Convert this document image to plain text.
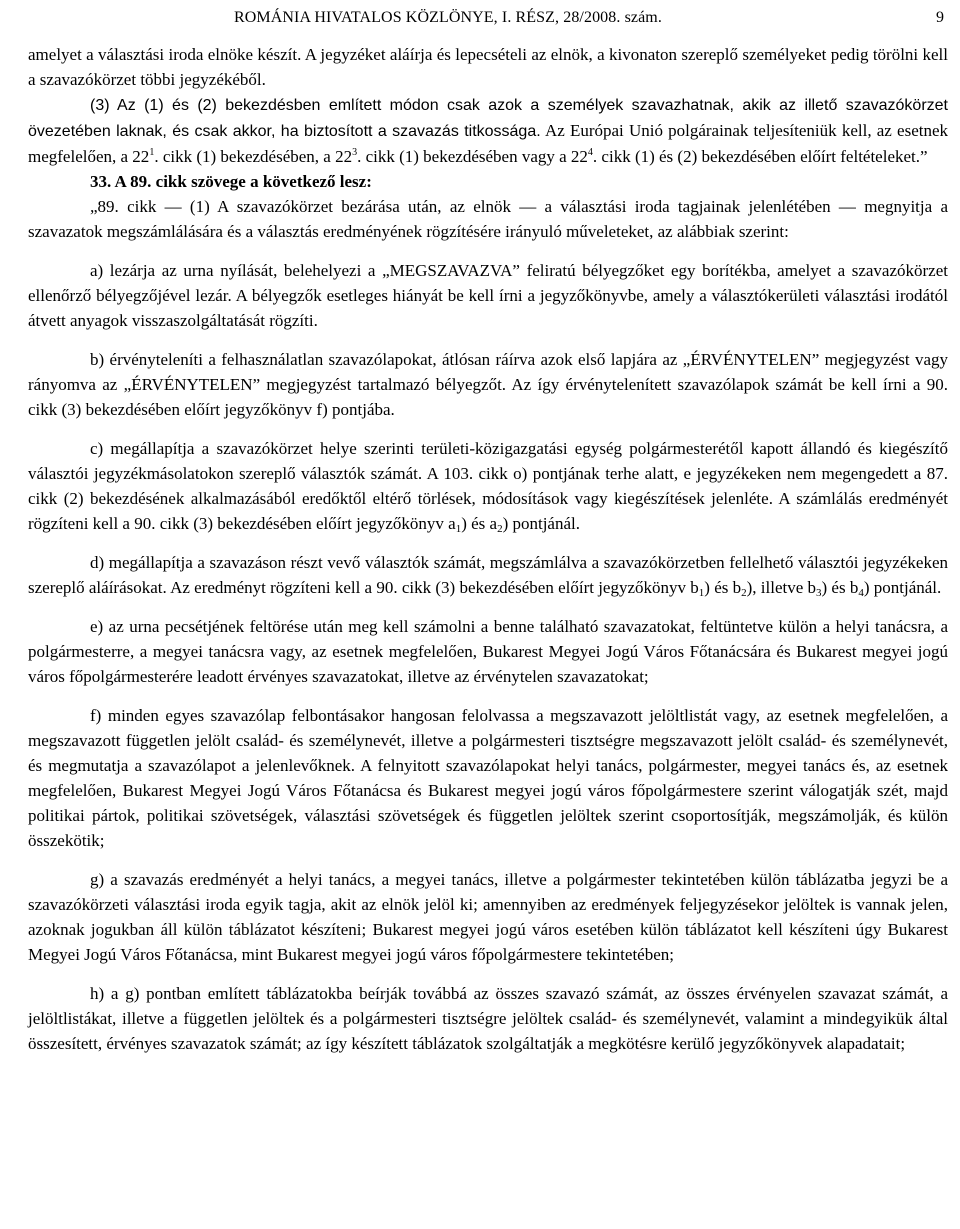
ROMÁNIA HIVATALOS KÖZLÖNYE, I. RÉSZ, 28/2008. szám.	9

amelyet a választási iroda elnöke készít. A jegyzéket aláírja és lepecsételi az elnök, a kivonaton szereplő személyeket pedig törölni kell a szavazókörzet többi jegyzékéből.

(3) Az (1) és (2) bekezdésben említett módon csak azok a személyek szavazhatnak, akik az illető szavazókörzet övezetében laknak, és csak akkor, ha biztosított a szavazás titkossága. Az Európai Unió polgárainak teljesíteniük kell, az esetnek megfelelően, a $22^1$. cikk (1) bekezdésében, a $22^3$. cikk (1) bekezdésében vagy a $22^4$. cikk (1) és (2) bekezdésében előírt feltételeket.”

33. A 89. cikk szövege a következő lesz:

„89. cikk — (1) A szavazókörzet bezárása után, az elnök — a választási iroda tagjainak jelenlétében — megnyitja a szavazatok megszámlálására és a választás eredményének rögzítésére irányuló műveleteket, az alábbiak szerint:

a) lezárja az urna nyílását, belehelyezi a „MEGSZAVAZVA” feliratú bélyegzőket egy borítékba, amelyet a szavazókörzet ellenőrző bélyegzőjével lezár. A bélyegzők esetleges hiányát be kell írni a jegyzőkönyvbe, amely a választókerületi választási irodától átvett anyagok visszaszolgáltatását rögzíti.

b) érvényteleníti a felhasználatlan szavazólapokat, átlósan ráírva azok első lapjára az „ÉRVÉNYTELEN” megjegyzést vagy rányomva az „ÉRVÉNYTELEN” megjegyzést tartalmazó bélyegzőt. Az így érvénytelenített szavazólapok számát be kell írni a 90. cikk (3) bekezdésében előírt jegyzőkönyv f) pontjába.

c) megállapítja a szavazókörzet helye szerinti területi-közigazgatási egység polgármesterétől kapott állandó és kiegészítő választói jegyzékmásolatokon szereplő választók számát. A 103. cikk o) pontjának terhe alatt, e jegyzékeken nem megengedett a 87. cikk (2) bekezdésének alkalmazásából eredőktől eltérő törlések, módosítások vagy kiegészítések jelenléte. A számlálás eredményét rögzíteni kell a 90. cikk (3) bekezdésében előírt jegyzőkönyv $a_1$) és $a_2$) pontjánál.

d) megállapítja a szavazáson részt vevő választók számát, megszámlálva a szavazókörzetben fellelhető választói jegyzékeken szereplő aláírásokat. Az eredményt rögzíteni kell a 90. cikk (3) bekezdésében előírt jegyzőkönyv $b_1$) és $b_2$), illetve $b_3$) és $b_4$) pontjánál.

e) az urna pecsétjének feltörése után meg kell számolni a benne található szavazatokat, feltüntetve külön a helyi tanácsra, a polgármesterre, a megyei tanácsra vagy, az esetnek megfelelően, Bukarest Megyei Jogú Város Főtanácsára és Bukarest megyei jogú város főpolgármesterére leadott érvényes szavazatokat, illetve az érvénytelen szavazatokat;

f) minden egyes szavazólap felbontásakor hangosan felolvassa a megszavazott jelöltlistát vagy, az esetnek megfelelően, a megszavazott független jelölt család- és személynevét, illetve a polgármesteri tisztségre megszavazott jelölt család- és személynevét, és megmutatja a szavazólapot a jelenlevőknek. A felnyitott szavazólapokat helyi tanács, polgármester, megyei tanács és, az esetnek megfelelően, Bukarest Megyei Jogú Város Főtanácsa és Bukarest megyei jogú város főpolgármestere szerint válogatják szét, majd politikai pártok, politikai szövetségek, választási szövetségek és független jelöltek szerint csoportosítják, megszámolják, és külön összekötik;

g) a szavazás eredményét a helyi tanács, a megyei tanács, illetve a polgármester tekintetében külön táblázatba jegyzi be a szavazókörzeti választási iroda egyik tagja, akit az elnök jelöl ki; amennyiben az eredmények feljegyzésekor jelöltek is vannak jelen, azoknak jogukban áll külön táblázatot készíteni; Bukarest megyei jogú város esetében külön táblázatot kell készíteni úgy Bukarest Megyei Jogú Város Főtanácsa, mint Bukarest megyei jogú város főpolgármestere tekintetében;

h) a g) pontban említett táblázatokba beírják továbbá az összes szavazó számát, az összes érvényelen szavazat számát, a jelöltlistákat, illetve a független jelöltek és a polgármesteri tisztségre jelöltek család- és személynevét, valamint a mindegyikük által összesített, érvényes szavazatok számát; az így készített táblázatok szolgáltatják a megkötésre kerülő jegyzőkönyvek alapadatait;
